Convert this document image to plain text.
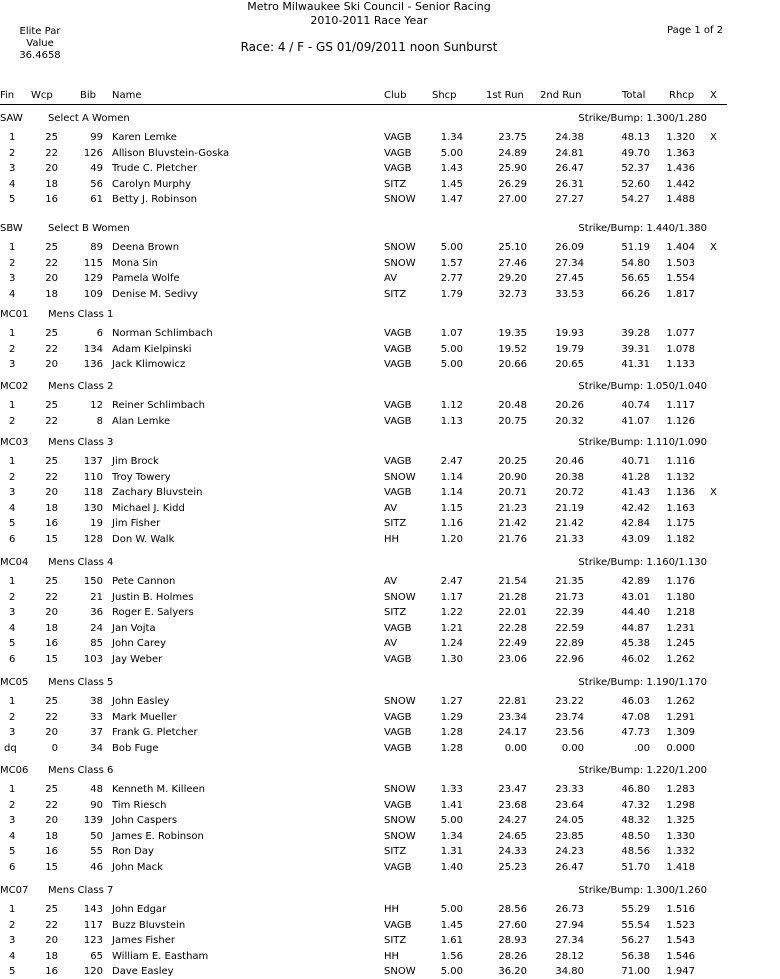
Metro Milwaukee Ski Council - Senior Racing
2010-2011 Race Year
Race: 4 / F - GS 01/09/2011 noon Sunburst
Elite Par
Value
36.4658
Page 1 of 2
Fin Wcp	Bib Name	Club	Shcp	1st Run 2nd Run	Total Rhcp X
SAW	Select A Women	Strike/Bump: 1.300/1.280
1	25	99 Karen Lemke	VAGB	1.34	23.75	24.38	48.13	1.320 X
2	22	126 Allison Bluvstein-Goska	VAGB	5.00	24.89	24.81	49.70	1.363
3	20	49 Trude C. Pletcher	VAGB	1.43	25.90	26.47	52.37	1.436
4	18	56 Carolyn Murphy	SITZ	1.45	26.29	26.31	52.60	1.442
5	16	61 Betty J. Robinson	SNOW	1.47	27.00	27.27	54.27	1.488
SBW	Select B Women	Strike/Bump: 1.440/1.380
1	25	89 Deena Brown	SNOW	5.00	25.10	26.09	51.19	1.404 X
2	22	115 Mona Sin	SNOW	1.57	27.46	27.34	54.80	1.503
3	20	129 Pamela Wolfe	AV	2.77	29.20	27.45	56.65	1.554
4	18	109 Denise M. Sedivy	SITZ	1.79	32.73	33.53	66.26	1.817
MC01 Mens Class 1
1	25	6 Norman Schlimbach	VAGB	1.07	19.35	19.93	39.28	1.077
2	22	134 Adam Kielpinski	VAGB	5.00	19.52	19.79	39.31	1.078
3	20	136 Jack Klimowicz	VAGB	5.00	20.66	20.65	41.31	1.133
MC02 Mens Class 2	Strike/Bump: 1.050/1.040
1	25	12 Reiner Schlimbach	VAGB	1.12	20.48	20.26	40.74	1.117
2	22	8 Alan Lemke	VAGB	1.13	20.75	20.32	41.07	1.126
MC03 Mens Class 3	Strike/Bump: 1.110/1.090
1	25	137 Jim Brock	VAGB	2.47	20.25	20.46	40.71	1.116
2	22	110 Troy Towery	SNOW	1.14	20.90	20.38	41.28	1.132
3	20	118 Zachary Bluvstein	VAGB	1.14	20.71	20.72	41.43	1.136 X
4	18	130 Michael J. Kidd	AV	1.15	21.23	21.19	42.42	1.163
5	16	19 Jim Fisher	SITZ	1.16	21.42	21.42	42.84	1.175
6	15	128 Don W. Walk	HH	1.20	21.76	21.33	43.09	1.182
MC04 Mens Class 4	Strike/Bump: 1.160/1.130
1	25	150 Pete Cannon	AV	2.47	21.54	21.35	42.89	1.176
2	22	21 Justin B. Holmes	SNOW	1.17	21.28	21.73	43.01	1.180
3	20	36 Roger E. Salyers	SITZ	1.22	22.01	22.39	44.40	1.218
4	18	24 Jan Vojta	VAGB	1.21	22.28	22.59	44.87	1.231
5	16	85 John Carey	AV	1.24	22.49	22.89	45.38	1.245
6	15	103 Jay Weber	VAGB	1.30	23.06	22.96	46.02	1.262
MC05 Mens Class 5	Strike/Bump: 1.190/1.170
1	25	38 John Easley	SNOW	1.27	22.81	23.22	46.03	1.262
2	22	33 Mark Mueller	VAGB	1.29	23.34	23.74	47.08	1.291
3	20	37 Frank G. Pletcher	VAGB	1.28	24.17	23.56	47.73	1.309
dq	0	34 Bob Fuge	VAGB	1.28	0.00	0.00	.00	0.000
MC06 Mens Class 6	Strike/Bump: 1.220/1.200
1	25	48 Kenneth M. Killeen	SNOW	1.33	23.47	23.33	46.80	1.283
2	22	90 Tim Riesch	VAGB	1.41	23.68	23.64	47.32	1.298
3	20	139 John Caspers	SNOW	5.00	24.27	24.05	48.32	1.325
4	18	50 James E. Robinson	SNOW	1.34	24.65	23.85	48.50	1.330
5	16	55 Ron Day	SITZ	1.31	24.33	24.23	48.56	1.332
6	15	46 John Mack	VAGB	1.40	25.23	26.47	51.70	1.418
MC07 Mens Class 7	Strike/Bump: 1.300/1.260
1	25	143 John Edgar	HH	5.00	28.56	26.73	55.29	1.516
2	22	117 Buzz Bluvstein	VAGB	1.45	27.60	27.94	55.54	1.523
3	20	123 James Fisher	SITZ	1.61	28.93	27.34	56.27	1.543
4	18	65 William E. Eastham	HH	1.56	28.26	28.12	56.38	1.546
5	16	120 Dave Easley	SNOW	5.00	36.20	34.80	71.00	1.947
